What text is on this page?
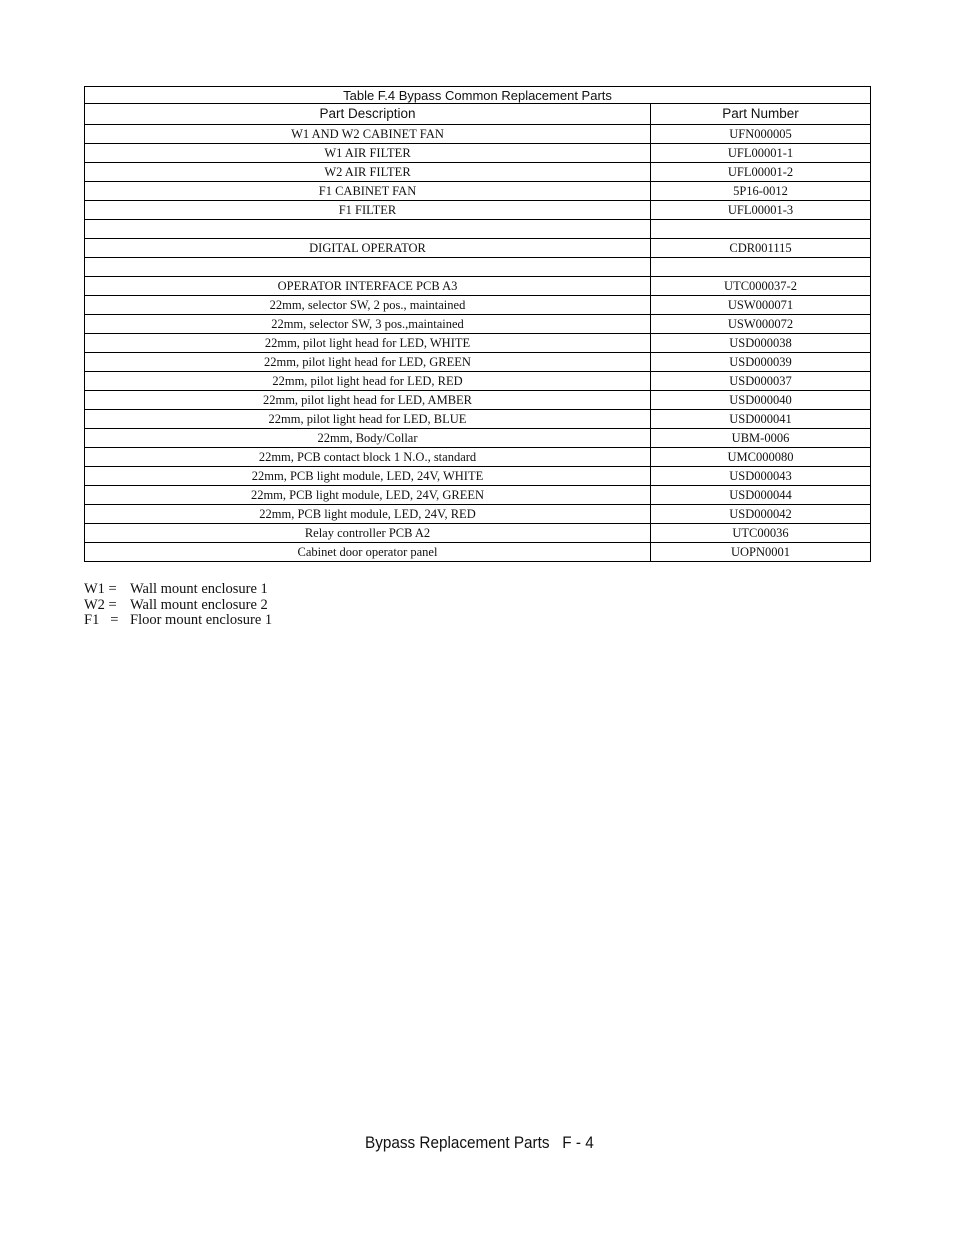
Table F.4 Bypass Common Replacement Parts	
Part Description	Part Number
W1 AND W2 CABINET FAN	UFN000005
W1 AIR FILTER	UFL00001-1
W2 AIR FILTER	UFL00001-2
F1 CABINET FAN	5P16-0012
F1 FILTER	UFL00001-3

DIGITAL OPERATOR	CDR001115

OPERATOR INTERFACE PCB A3	UTC000037-2
22mm, selector SW, 2 pos., maintained	USW000071
22mm, selector SW, 3 pos.,maintained	USW000072
22mm, pilot light head for LED, WHITE	USD000038
22mm, pilot light head for LED, GREEN	USD000039
22mm, pilot light head for LED, RED	USD000037
22mm, pilot light head for LED, AMBER	USD000040
22mm, pilot light head for LED, BLUE	USD000041
22mm, Body/Collar	UBM-0006
22mm, PCB contact block 1 N.O., standard	UMC000080
22mm, PCB light module, LED, 24V, WHITE	USD000043
22mm, PCB light module, LED, 24V, GREEN	USD000044
22mm, PCB light module, LED, 24V, RED	USD000042
Relay controller PCB A2	UTC00036
Cabinet door operator panel	UOPN0001
W1 = Wall mount enclosure 1
W2 = Wall mount enclosure 2
F1   = Floor mount enclosure 1
Bypass Replacement Parts   F - 4
